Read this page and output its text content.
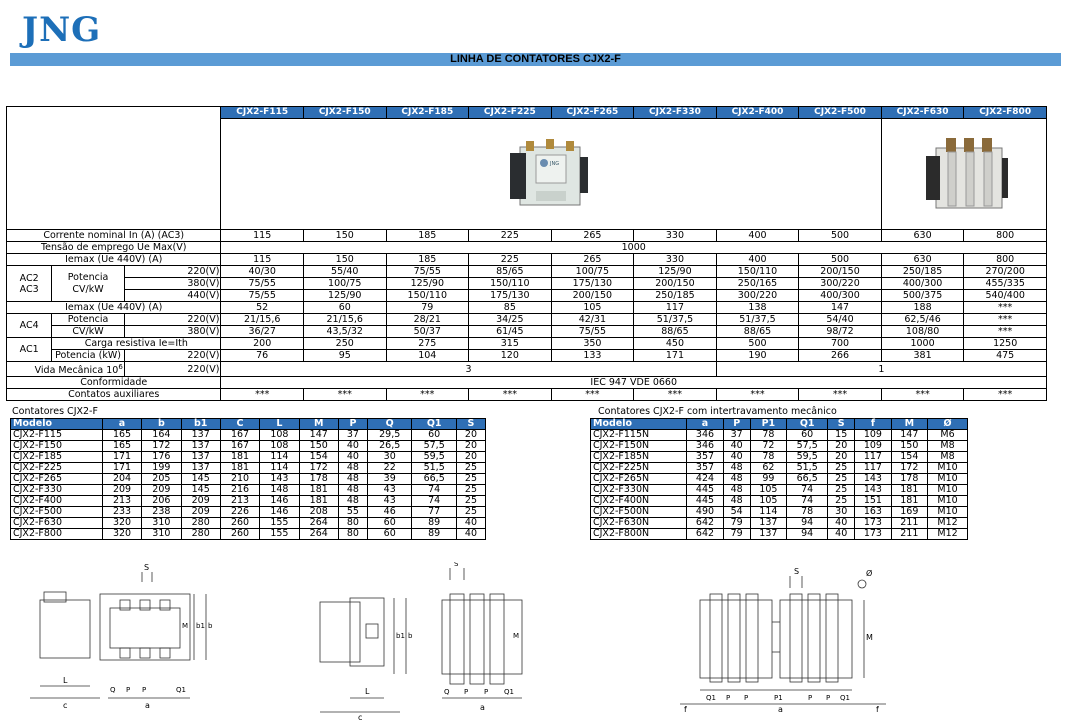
JNG
LINHA DE CONTATORES CJX2-F
			CJX2-F115	CJX2-F150	CJX2-F185	CJX2-F225	CJX2-F265	CJX2-F330	CJX2-F400	CJX2-F500	CJX2-F630	CJX2-F800

JNG

Corrente nominal In (A) (AC3)			115	150	185	225	265	330	400	500	630	800
Tensão de emprego Ue Max(V)			1000									
Iemax (Ue 440V) (A)			115	150	185	225	265	330	400	500	630	800
AC2
AC3	Potencia
CV/kW	220(V)	40/30	55/40	75/55	85/65	100/75	125/90	150/110	200/150	250/185	270/200
		380(V)	75/55	100/75	125/90	150/110	175/130	200/150	250/165	300/220	400/300	455/335
		440(V)	75/55	125/90	150/110	175/130	200/150	250/185	300/220	400/300	500/375	540/400
Iemax (Ue 440V) (A)			52	60	79	85	105	117	138	147	188	***
AC4	Potencia	220(V)	21/15,6	21/15,6	28/21	34/25	42/31	51/37,5	51/37,5	54/40	62,5/46	***
	CV/kW	380(V)	36/27	43,5/32	50/37	61/45	75/55	88/65	88/65	98/72	108/80	***
AC1	Carga resistiva Ie=Ith		200	250	275	315	350	450	500	700	1000	1250
	Potencia (kW)	220(V)	76	95	104	120	133	171	190	266	381	475
Vida Mecânica $10^6$		220(V)	3						1			
Conformidade			IEC 947 VDE 0660									
Contatos auxiliares			***	***	***	***	***	***	***	***	***	***
Contatores CJX2-F
Modelo	a	b	b1	C	L	M	P	Q	Q1	S
CJX2-F115	165	164	137	167	108	147	37	29,5	60	20
CJX2-F150	165	172	137	167	108	150	40	26,5	57,5	20
CJX2-F185	171	176	137	181	114	154	40	30	59,5	20
CJX2-F225	171	199	137	181	114	172	48	22	51,5	25
CJX2-F265	204	205	145	210	143	178	48	39	66,5	25
CJX2-F330	209	209	145	216	148	181	48	43	74	25
CJX2-F400	213	206	209	213	146	181	48	43	74	25
CJX2-F500	233	238	209	226	146	208	55	46	77	25
CJX2-F630	320	310	280	260	155	264	80	60	89	40
CJX2-F800	320	310	280	260	155	264	80	60	89	40
Contatores CJX2-F com intertravamento mecânico
Modelo	a	P	P1	Q1	S	f	M	Ø
CJX2-F115N	346	37	78	60	15	109	147	M6
CJX2-F150N	346	40	72	57,5	20	109	150	M8
CJX2-F185N	357	40	78	59,5	20	117	154	M8
CJX2-F225N	357	48	62	51,5	25	117	172	M10
CJX2-F265N	424	48	99	66,5	25	143	178	M10
CJX2-F330N	445	48	105	74	25	143	181	M10
CJX2-F400N	445	48	105	74	25	151	181	M10
CJX2-F500N	490	54	114	78	30	163	169	M10
CJX2-F630N	642	79	137	94	40	173	211	M12
CJX2-F800N	642	79	137	94	40	173	211	M12
L
c
S
Q P P	Q1
a
b1 b
M
L
c
S
Q P P Q1
a
b1 b	M
S	Ø
M
Q1 P P	P1	P P Q1
f	a	f
